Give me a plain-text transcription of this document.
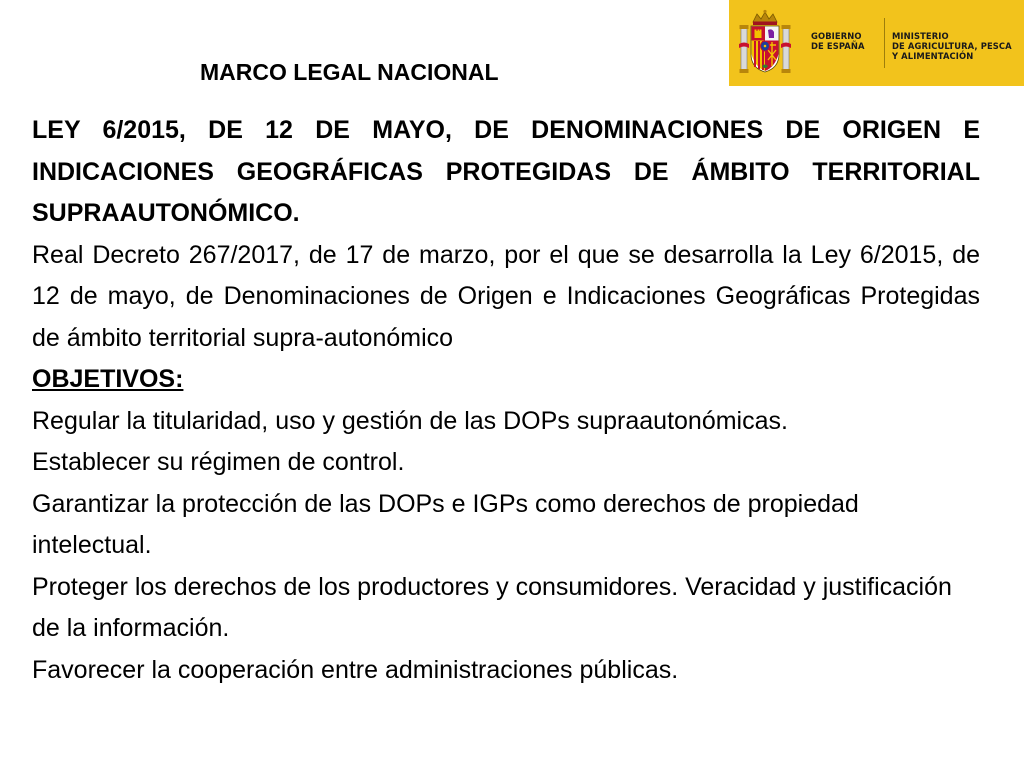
GOBIERNO
DE ESPAÑA
MINISTERIO
DE AGRICULTURA, PESCA
Y ALIMENTACIÓN
MARCO LEGAL NACIONAL

LEY 6/2015, DE 12 DE MAYO, DE DENOMINACIONES DE ORIGEN E INDICACIONES GEOGRÁFICAS PROTEGIDAS DE ÁMBITO TERRITORIAL SUPRAAUTONÓMICO.

Real Decreto 267/2017, de 17 de marzo, por el que se desarrolla la Ley 6/2015, de 12 de mayo, de Denominaciones de Origen e Indicaciones Geográficas Protegidas de ámbito territorial supra-autonómico

OBJETIVOS:

Regular la titularidad, uso y gestión de las DOPs supraautonómicas.

Establecer su régimen de control.

Garantizar la protección de las DOPs e IGPs como derechos de propiedad intelectual.

Proteger los derechos de los productores y consumidores. Veracidad y justificación de la información.

Favorecer la cooperación entre administraciones públicas.
